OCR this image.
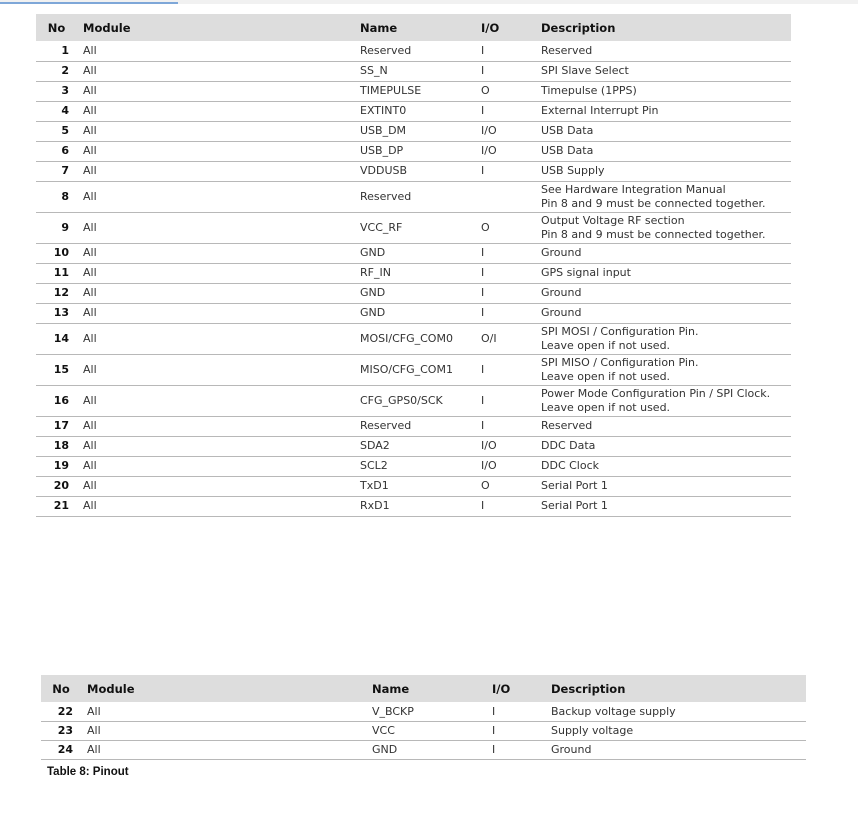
No	Module	Name	I/O	Description
1	All	Reserved	I	Reserved

2	All	SS_N	I	SPI Slave Select

3	All	TIMEPULSE	O	Timepulse (1PPS)

4	All	EXTINT0	I	External Interrupt Pin

5	All	USB_DM	I/O	USB Data

6	All	USB_DP	I/O	USB Data

7	All	VDDUSB	I	USB Supply

8	All	Reserved		See Hardware Integration Manual
Pin 8 and 9 must be connected together.

9	All	VCC_RF	O	Output Voltage RF section
Pin 8 and 9 must be connected together.

10	All	GND	I	Ground

11	All	RF_IN	I	GPS signal input

12	All	GND	I	Ground

13	All	GND	I	Ground

14	All	MOSI/CFG_COM0	O/I	SPI MOSI / Configuration Pin.
Leave open if not used.

15	All	MISO/CFG_COM1	I	SPI MISO / Configuration Pin.
Leave open if not used.

16	All	CFG_GPS0/SCK	I	Power Mode Configuration Pin / SPI Clock.
Leave open if not used.

17	All	Reserved	I	Reserved

18	All	SDA2	I/O	DDC Data

19	All	SCL2	I/O	DDC Clock

20	All	TxD1	O	Serial Port 1

21	All	RxD1	I	Serial Port 1
No	Module	Name	I/O	Description
22	All	V_BCKP	I	Backup voltage supply

23	All	VCC	I	Supply voltage

24	All	GND	I	Ground
Table 8: Pinout
